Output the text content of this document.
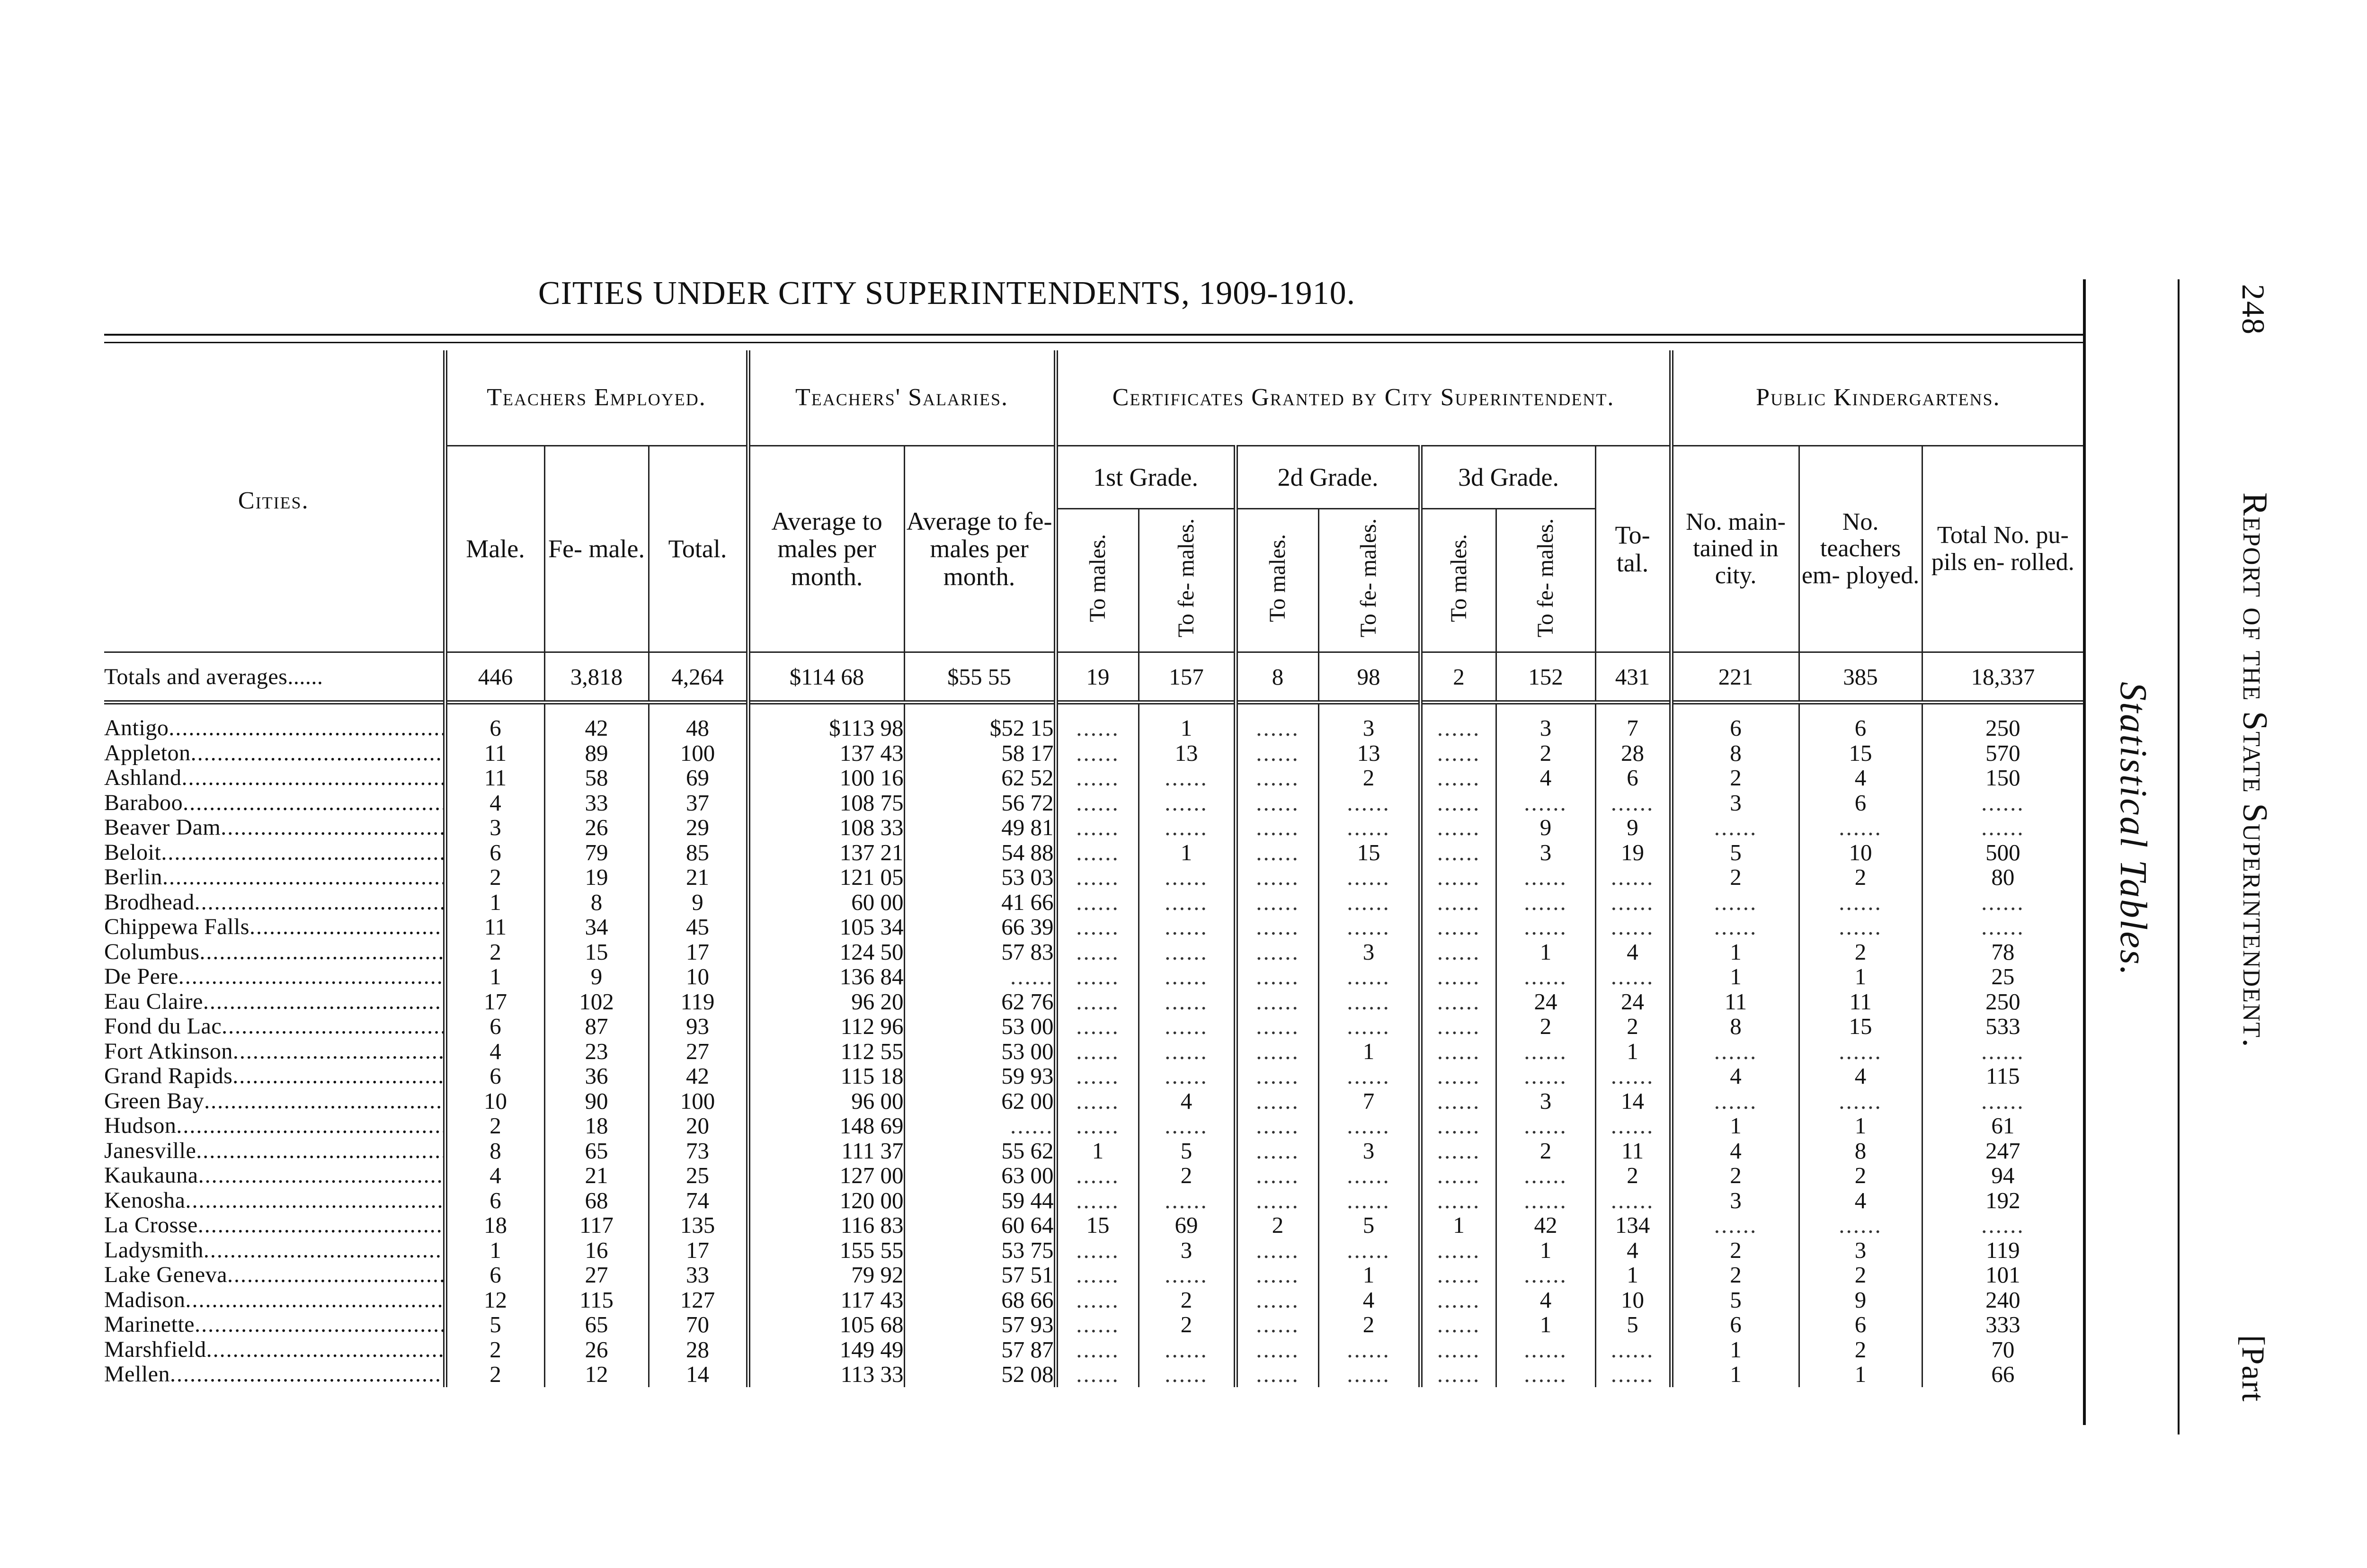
CITIES UNDER CITY SUPERINTENDENTS, 1909-1910.
Cities.	Teachers Employed.			Teachers' Salaries.		Certificates Granted by City Superintendent.							Public Kindergartens.		
	Male.	Fe- male.	Total.	Average to males per month.	Average to fe- males per month.	1st Grade.		2d Grade.		3d Grade.		To- tal.	No. main- tained in city.	No. teachers em- ployed.	Total No. pu- pils en- rolled.
						To males.	To fe- males.	To males.	To fe- males.	To males.	To fe- males.				
Totals and averages......	446	3,818	4,264	$114 68	$55 55	19	157	8	98	2	152	431	221	385	18,337

Antigo .....	6	42	48	$113 98	$52 15	......	1	......	3	......	3	7	6	6	250
Appleton .....	11	89	100	137 43	58 17	......	13	......	13	......	2	28	8	15	570
Ashland .....	11	58	69	100 16	62 52	......	......	......	2	......	4	6	2	4	150
Baraboo .....	4	33	37	108 75	56 72	......	......	......	......	......	......	......	3	6	......
Beaver Dam .....	3	26	29	108 33	49 81	......	......	......	......	......	9	9	......	......	......
Beloit .....	6	79	85	137 21	54 88	......	1	......	15	......	3	19	5	10	500
Berlin .....	2	19	21	121 05	53 03	......	......	......	......	......	......	......	2	2	80
Brodhead .....	1	8	9	60 00	41 66	......	......	......	......	......	......	......	......	......	......
Chippewa Falls .....	11	34	45	105 34	66 39	......	......	......	......	......	......	......	......	......	......
Columbus .....	2	15	17	124 50	57 83	......	......	......	3	......	1	4	1	2	78
De Pere .....	1	9	10	136 84	......	......	......	......	......	......	......	......	1	1	25
Eau Claire .....	17	102	119	96 20	62 76	......	......	......	......	......	24	24	11	11	250
Fond du Lac .....	6	87	93	112 96	53 00	......	......	......	......	......	2	2	8	15	533
Fort Atkinson .....	4	23	27	112 55	53 00	......	......	......	1	......	......	1	......	......	......
Grand Rapids .....	6	36	42	115 18	59 93	......	......	......	......	......	......	......	4	4	115
Green Bay .....	10	90	100	96 00	62 00	......	4	......	7	......	3	14	......	......	......
Hudson .....	2	18	20	148 69	......	......	......	......	......	......	......	......	1	1	61
Janesville .....	8	65	73	111 37	55 62	1	5	......	3	......	2	11	4	8	247
Kaukauna .....	4	21	25	127 00	63 00	......	2	......	......	......	......	2	2	2	94
Kenosha .....	6	68	74	120 00	59 44	......	......	......	......	......	......	......	3	4	192
La Crosse .....	18	117	135	116 83	60 64	15	69	2	5	1	42	134	......	......	......
Ladysmith .....	1	16	17	155 55	53 75	......	3	......	......	......	1	4	2	3	119
Lake Geneva .....	6	27	33	79 92	57 51	......	......	......	1	......	......	1	2	2	101
Madison .....	12	115	127	117 43	68 66	......	2	......	4	......	4	10	5	9	240
Marinette .....	5	65	70	105 68	57 93	......	2	......	2	......	1	5	6	6	333
Marshfield .....	2	26	28	149 49	57 87	......	......	......	......	......	......	......	1	2	70
Mellen .....	2	12	14	113 33	52 08	......	......	......	......	......	......	......	1	1	66
Statistical Tables.
248
Report of the State Superintendent.
[Part
